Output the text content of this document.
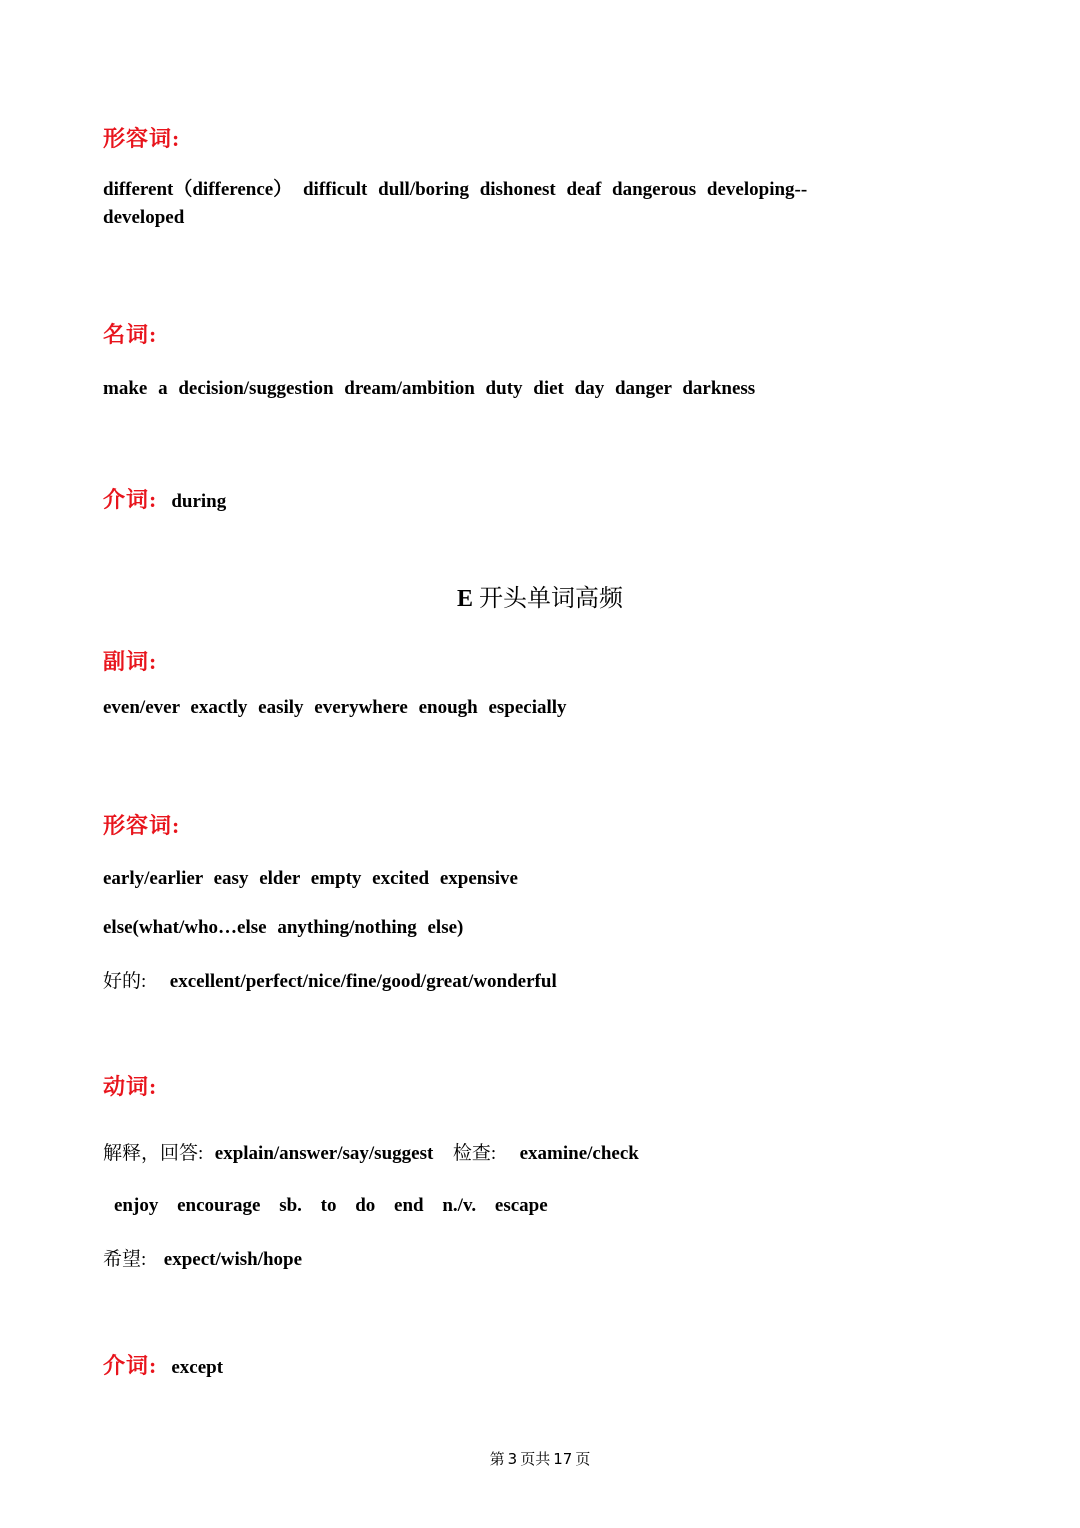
形容词:
different（difference） difficult dull/boring dishonest deaf dangerous developing--
developed
名词:
make a decision/suggestion dream/ambition duty diet day danger darkness
介词: during
E 开头单词高频
副词:
even/ever exactly easily everywhere enough especially
形容词:
early/earlier easy elder empty excited expensive
else(what/who…else anything/nothing else)
好的: excellent/perfect/nice/fine/good/great/wonderful
动词:
解释，回答: explain/answer/say/suggest 检查: examine/check
enjoy encourage sb. to do end n./v. escape
希望: expect/wish/hope
介词: except
第 3 页共 17 页
